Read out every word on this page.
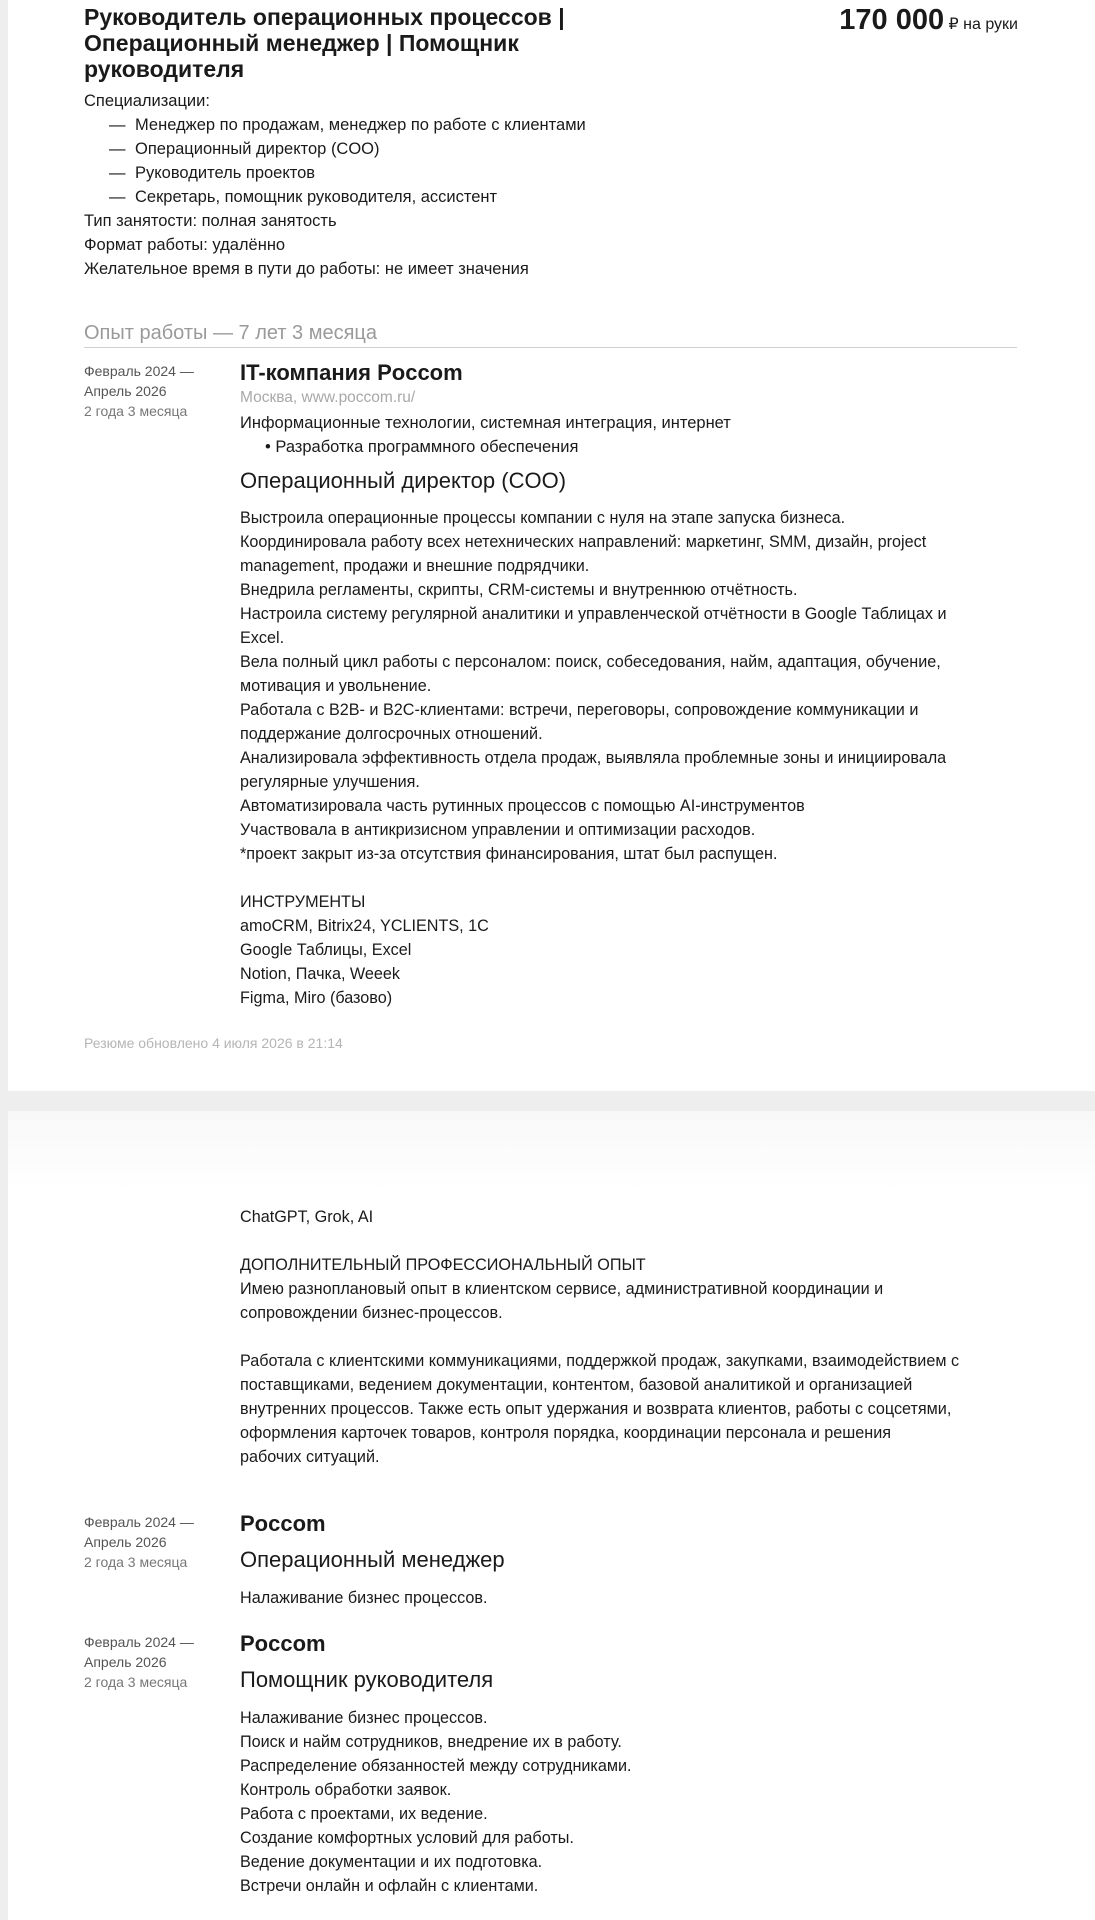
Руководитель операционных процессов |
Операционный менеджер | Помощник
руководителя
170 000 ₽ на руки
Специализации:
— Менеджер по продажам, менеджер по работе с клиентами
— Операционный директор (COO)
— Руководитель проектов
— Секретарь, помощник руководителя, ассистент
Тип занятости: полная занятость
Формат работы: удалённо
Желательное время в пути до работы: не имеет значения
Опыт работы — 7 лет 3 месяца
Февраль 2024 —
Апрель 2026
2 года 3 месяца
IT-компания Poccom
Москва, www.poccom.ru/
Информационные технологии, системная интеграция, интернет
• Разработка программного обеспечения
Операционный директор (COO)
Выстроила операционные процессы компании с нуля на этапе запуска бизнеса.
Координировала работу всех нетехнических направлений: маркетинг, SMM, дизайн, project
management, продажи и внешние подрядчики.
Внедрила регламенты, скрипты, CRM-системы и внутреннюю отчётность.
Настроила систему регулярной аналитики и управленческой отчётности в Google Таблицах и
Excel.
Вела полный цикл работы с персоналом: поиск, собеседования, найм, адаптация, обучение,
мотивация и увольнение.
Работала с B2B- и B2C-клиентами: встречи, переговоры, сопровождение коммуникации и
поддержание долгосрочных отношений.
Анализировала эффективность отдела продаж, выявляла проблемные зоны и инициировала
регулярные улучшения.
Автоматизировала часть рутинных процессов с помощью AI-инструментов
Участвовала в антикризисном управлении и оптимизации расходов.
*проект закрыт из-за отсутствия финансирования, штат был распущен.
ИНСТРУМЕНТЫ
amoCRM, Bitrix24, YCLIENTS, 1C
Google Таблицы, Excel
Notion, Пачка, Weeek
Figma, Miro (базово)
Резюме обновлено 4 июля 2026 в 21:14
ChatGPT, Grok, AI
ДОПОЛНИТЕЛЬНЫЙ ПРОФЕССИОНАЛЬНЫЙ ОПЫТ
Имею разноплановый опыт в клиентском сервисе, административной координации и
сопровождении бизнес-процессов.
Работала с клиентскими коммуникациями, поддержкой продаж, закупками, взаимодействием с
поставщиками, ведением документации, контентом, базовой аналитикой и организацией
внутренних процессов. Также есть опыт удержания и возврата клиентов, работы с соцсетями,
оформления карточек товаров, контроля порядка, координации персонала и решения
рабочих ситуаций.
Февраль 2024 —
Апрель 2026
2 года 3 месяца
Poccom
Операционный менеджер
Налаживание бизнес процессов.
Февраль 2024 —
Апрель 2026
2 года 3 месяца
Poccom
Помощник руководителя
Налаживание бизнес процессов.
Поиск и найм сотрудников, внедрение их в работу.
Распределение обязанностей между сотрудниками.
Контроль обработки заявок.
Работа с проектами, их ведение.
Создание комфортных условий для работы.
Ведение документации и их подготовка.
Встречи онлайн и офлайн с клиентами.
